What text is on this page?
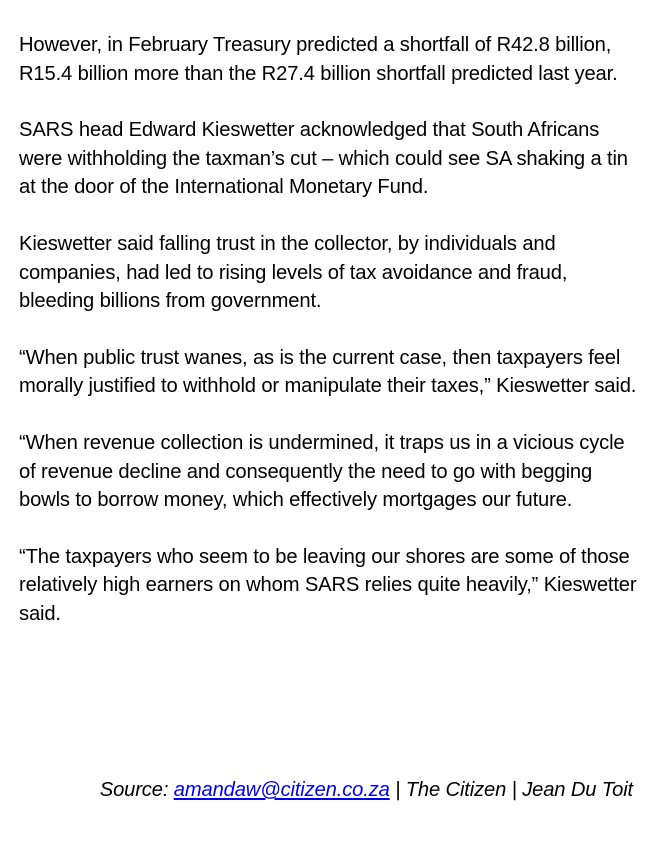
However, in February Treasury predicted a shortfall of R42.8 billion, R15.4 billion more than the R27.4 billion shortfall predicted last year.

SARS head Edward Kieswetter acknowledged that South Africans were withholding the taxman’s cut – which could see SA shaking a tin at the door of the International Monetary Fund.

Kieswetter said falling trust in the collector, by individuals and companies, had led to rising levels of tax avoidance and fraud, bleeding billions from government.

“When public trust wanes, as is the current case, then taxpayers feel morally justified to withhold or manipulate their taxes,” Kieswetter said.

“When revenue collection is undermined, it traps us in a vicious cycle of revenue decline and consequently the need to go with begging bowls to borrow money, which effectively mortgages our future.

“The taxpayers who seem to be leaving our shores are some of those relatively high earners on whom SARS relies quite heavily,” Kieswetter said.

Source: amandaw@citizen.co.za | The Citizen | Jean Du Toit
